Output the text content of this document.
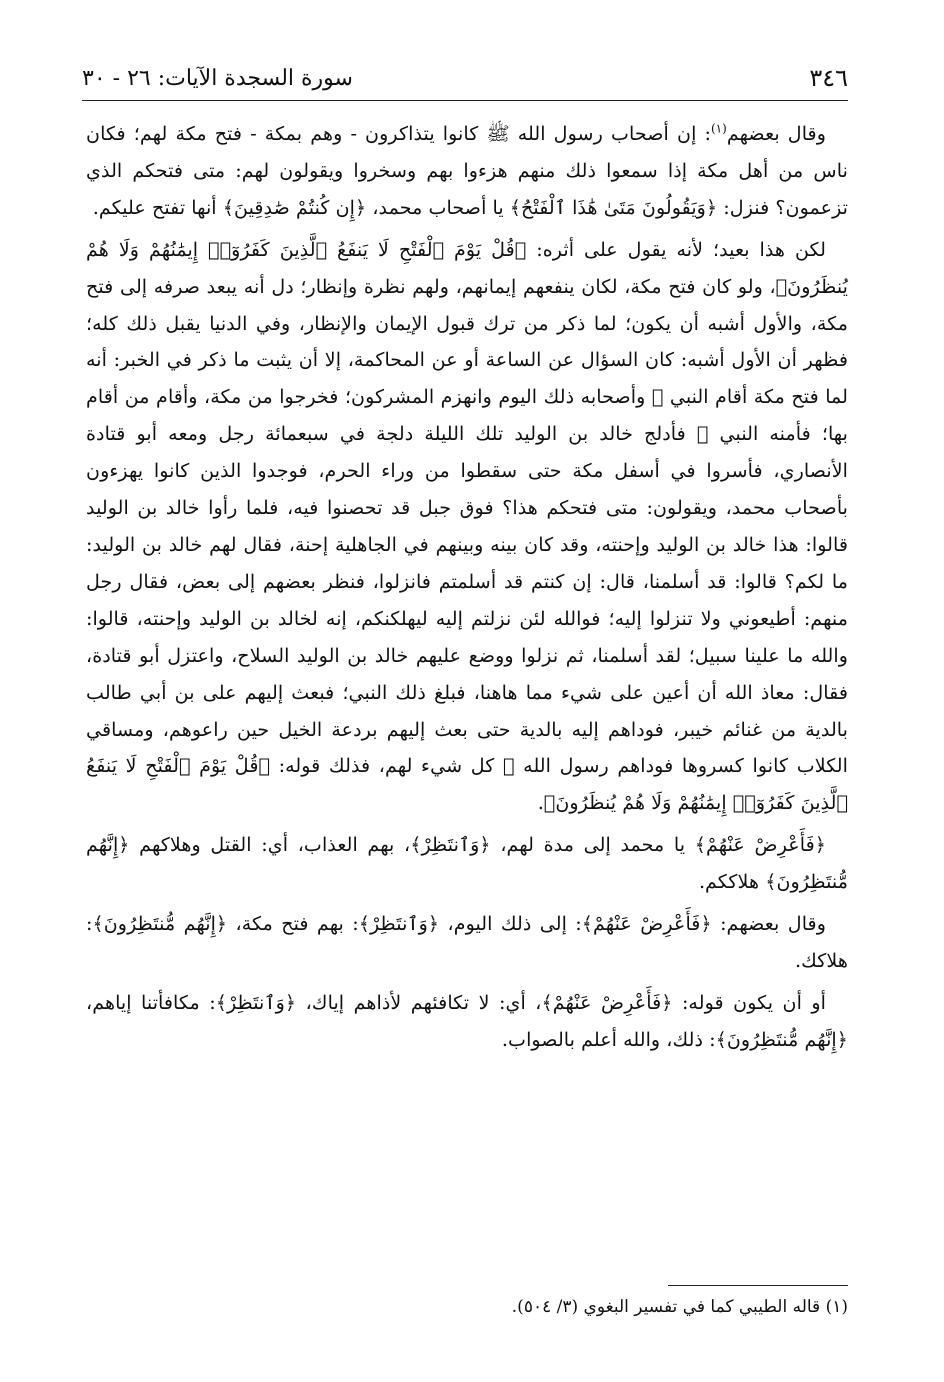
٣٤٦
سورة السجدة الآيات: ٢٦ - ٣٠

وقال بعضهم$^{(١)}$: إن أصحاب رسول الله ﷺ كانوا يتذاكرون - وهم بمكة - فتح مكة لهم؛ فكان ناس من أهل مكة إذا سمعوا ذلك منهم هزءوا بهم وسخروا ويقولون لهم: متى فتحكم الذي تزعمون؟ فنزل: ﴿وَيَقُولُونَ مَتَىٰ هَٰذَا ٱلْفَتْحُ﴾ يا أصحاب محمد، ﴿إِن كُنتُمْ صَٰدِقِينَ﴾ أنها تفتح عليكم.

لكن هذا بعيد؛ لأنه يقول على أثره: ﴿قُلْ يَوْمَ ٱلْفَتْحِ لَا يَنفَعُ ٱلَّذِينَ كَفَرُوٓا۟ إِيمَٰنُهُمْ وَلَا هُمْ يُنظَرُونَ﴾، ولو كان فتح مكة، لكان ينفعهم إيمانهم، ولهم نظرة وإنظار؛ دل أنه يبعد صرفه إلى فتح مكة، والأول أشبه أن يكون؛ لما ذكر من ترك قبول الإيمان والإنظار، وفي الدنيا يقبل ذلك كله؛ فظهر أن الأول أشبه: كان السؤال عن الساعة أو عن المحاكمة، إلا أن يثبت ما ذكر في الخبر: أنه لما فتح مكة أقام النبي ﷺ وأصحابه ذلك اليوم وانهزم المشركون؛ فخرجوا من مكة، وأقام من أقام بها؛ فأمنه النبي ﷺ فأدلج خالد بن الوليد تلك الليلة دلجة في سبعمائة رجل ومعه أبو قتادة الأنصاري، فأسروا في أسفل مكة حتى سقطوا من وراء الحرم، فوجدوا الذين كانوا يهزءون بأصحاب محمد، ويقولون: متى فتحكم هذا؟ فوق جبل قد تحصنوا فيه، فلما رأوا خالد بن الوليد قالوا: هذا خالد بن الوليد وإحنته، وقد كان بينه وبينهم في الجاهلية إحنة، فقال لهم خالد بن الوليد: ما لكم؟ قالوا: قد أسلمنا، قال: إن كنتم قد أسلمتم فانزلوا، فنظر بعضهم إلى بعض، فقال رجل منهم: أطيعوني ولا تنزلوا إليه؛ فوالله لئن نزلتم إليه ليهلكنكم، إنه لخالد بن الوليد وإحنته، قالوا: والله ما علينا سبيل؛ لقد أسلمنا، ثم نزلوا ووضع عليهم خالد بن الوليد السلاح، واعتزل أبو قتادة، فقال: معاذ الله أن أعين على شيء مما هاهنا، فبلغ ذلك النبي؛ فبعث إليهم على بن أبي طالب بالدية من غنائم خيبر، فوداهم إليه بالدية حتى بعث إليهم بردعة الخيل حين راعوهم، ومساقي الكلاب كانوا كسروها فوداهم رسول الله ﷺ كل شيء لهم، فذلك قوله: ﴿قُلْ يَوْمَ ٱلْفَتْحِ لَا يَنفَعُ ٱلَّذِينَ كَفَرُوٓا۟ إِيمَٰنُهُمْ وَلَا هُمْ يُنظَرُونَ﴾.

﴿فَأَعْرِضْ عَنْهُمْ﴾ يا محمد إلى مدة لهم، ﴿وَٱنتَظِرْ﴾، بهم العذاب، أي: القتل وهلاكهم ﴿إِنَّهُم مُّنتَظِرُونَ﴾ هلاككم.

وقال بعضهم: ﴿فَأَعْرِضْ عَنْهُمْ﴾: إلى ذلك اليوم، ﴿وَٱنتَظِرْ﴾: بهم فتح مكة، ﴿إِنَّهُم مُّنتَظِرُونَ﴾: هلاكك.

أو أن يكون قوله: ﴿فَأَعْرِضْ عَنْهُمْ﴾، أي: لا تكافئهم لأذاهم إياك، ﴿وَٱنتَظِرْ﴾: مكافأتنا إياهم، ﴿إِنَّهُم مُّنتَظِرُونَ﴾: ذلك، والله أعلم بالصواب.

(١) قاله الطيبي كما في تفسير البغوي (٣/ ٥٠٤).
